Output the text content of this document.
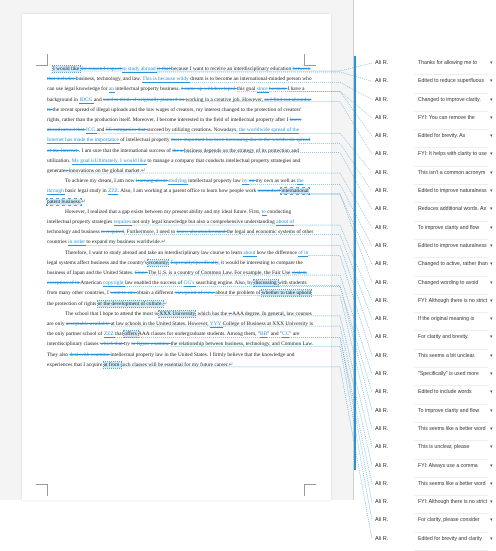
I would like the reason I expect to study abroad is that because I want to receive an interdisciplinary education between that includes business, technology, and law. This is because wildy dream is to become an international-minded person who can use legal knowledge for an intellectual property business. I came up withdeveloped this goal since because I have a background in IDCG and used to think of originally planned on working in a creative job. However, as I find out aboutdue to the recent spread of illegal uploads and the low wages of creators, my interest changed to the protection of creators' rights, rather than the production itself. Moreover, I become interested in the field of intellectual property after I knew aboutlearned that JCG and SS companies that succeed by utilizing creations. Nowadays, the worldwide spread of the Internet has made the importance of intellectual property more important has been increasing due to the worldwide spread of the Internet . I am sure that the international success of the a business depends on the strategy of its protection and utilization. My goal isUltimately, I would like to manage a company that conducts intellectual property strategies and generates innovations on the global market.↵

To achieve my dream, I am now learning about studying intellectual property law by on my own as well as the through basic legal study in ZZZ. Also, I am working at a parent office to learn how people work onconduct international patent business.↵

However, I realized that a gap exists between my present ability and my ideal future. First, to conducting intellectual property strategies requires not only legal knowledge but also a comprehensive understanding about of technology and business is required. Furthermore, I need to know aboutunderstand the legal and economic systems of other countries in order to expand my business worldwide.↵

Therefore, I want to study abroad and take an interdisciplinary law course to learn about how the difference of in legal systems affect business and the country's economy. EspeciallySpecifically, it would be interesting to compare the business of Japan and the United States. Since The U.S. is a country of Common Law. For example, the Fair Use system exception of in American copyright law enabled the success of GG's searching engine. Also, by discussing with students from many other countries, I want to can obtain a different viewpoint of view about the problem of whether to take uphold the protection of rights or the development of culture.↵

The school that I hope to attend the most is XXX University, which has the y AAA degree. In general, law courses are only acceptable available at law schools in the United States. However, YYY College of Business at XXX University is the only partner school of ZZZ that offers AAA classes for undergraduate students. Among them, "BB" and "CC" are interdisciplinary classes which that try to figure examine the relationship between business, technology, and Common Law. They also deal with examine intellectual property law in the United States. I firmly believe that the knowledge and experiences that I acquire at from such classes will be essential for my future career.↵

Ali R.	Thanks for allowing me to	▾
Ali R.	Edited to reduce superfluous	▾
Ali R.	Changed to improve clarity.	▾
Ali R.	FYI: You can remove the	▾
Ali R.	Edited for brevity. As	▾
Ali R.	FYI: It helps with clarity to use ▾
Ali R.	This isn't a common acronym ▾
Ali R.	Edited to improve naturalness ▾
Ali R.	Reduces additional words. As ▾
Ali R.	To improve clarity and flow	▾
Ali R.	Edited to improve naturalness ▾
Ali R.	Changed to active, rather than ▾
Ali R.	Changed wording to avoid	▾
Ali R.	FYI: Although there is no strict ▾
Ali R.	If the original meaning is	▾
Ali R.	For clarity and brevity.	▾
Ali R.	This seems a bit unclear.	▾
Ali R.	"Specifically" is used more	▾
Ali R.	Edited to include words	▾
Ali R.	To improve clarity and flow	▾
Ali R.	This seems like a better word ▾
Ali R.	This is unclear, please	▾
Ali R.	FYI: Always use a comma	▾
Ali R.	This seems like a better word ▾
Ali R.	FYI: Although there is no strict ▾
Ali R.	For clarity, please consider	▾
Ali R.	Edited for brevity and clarity	▾
